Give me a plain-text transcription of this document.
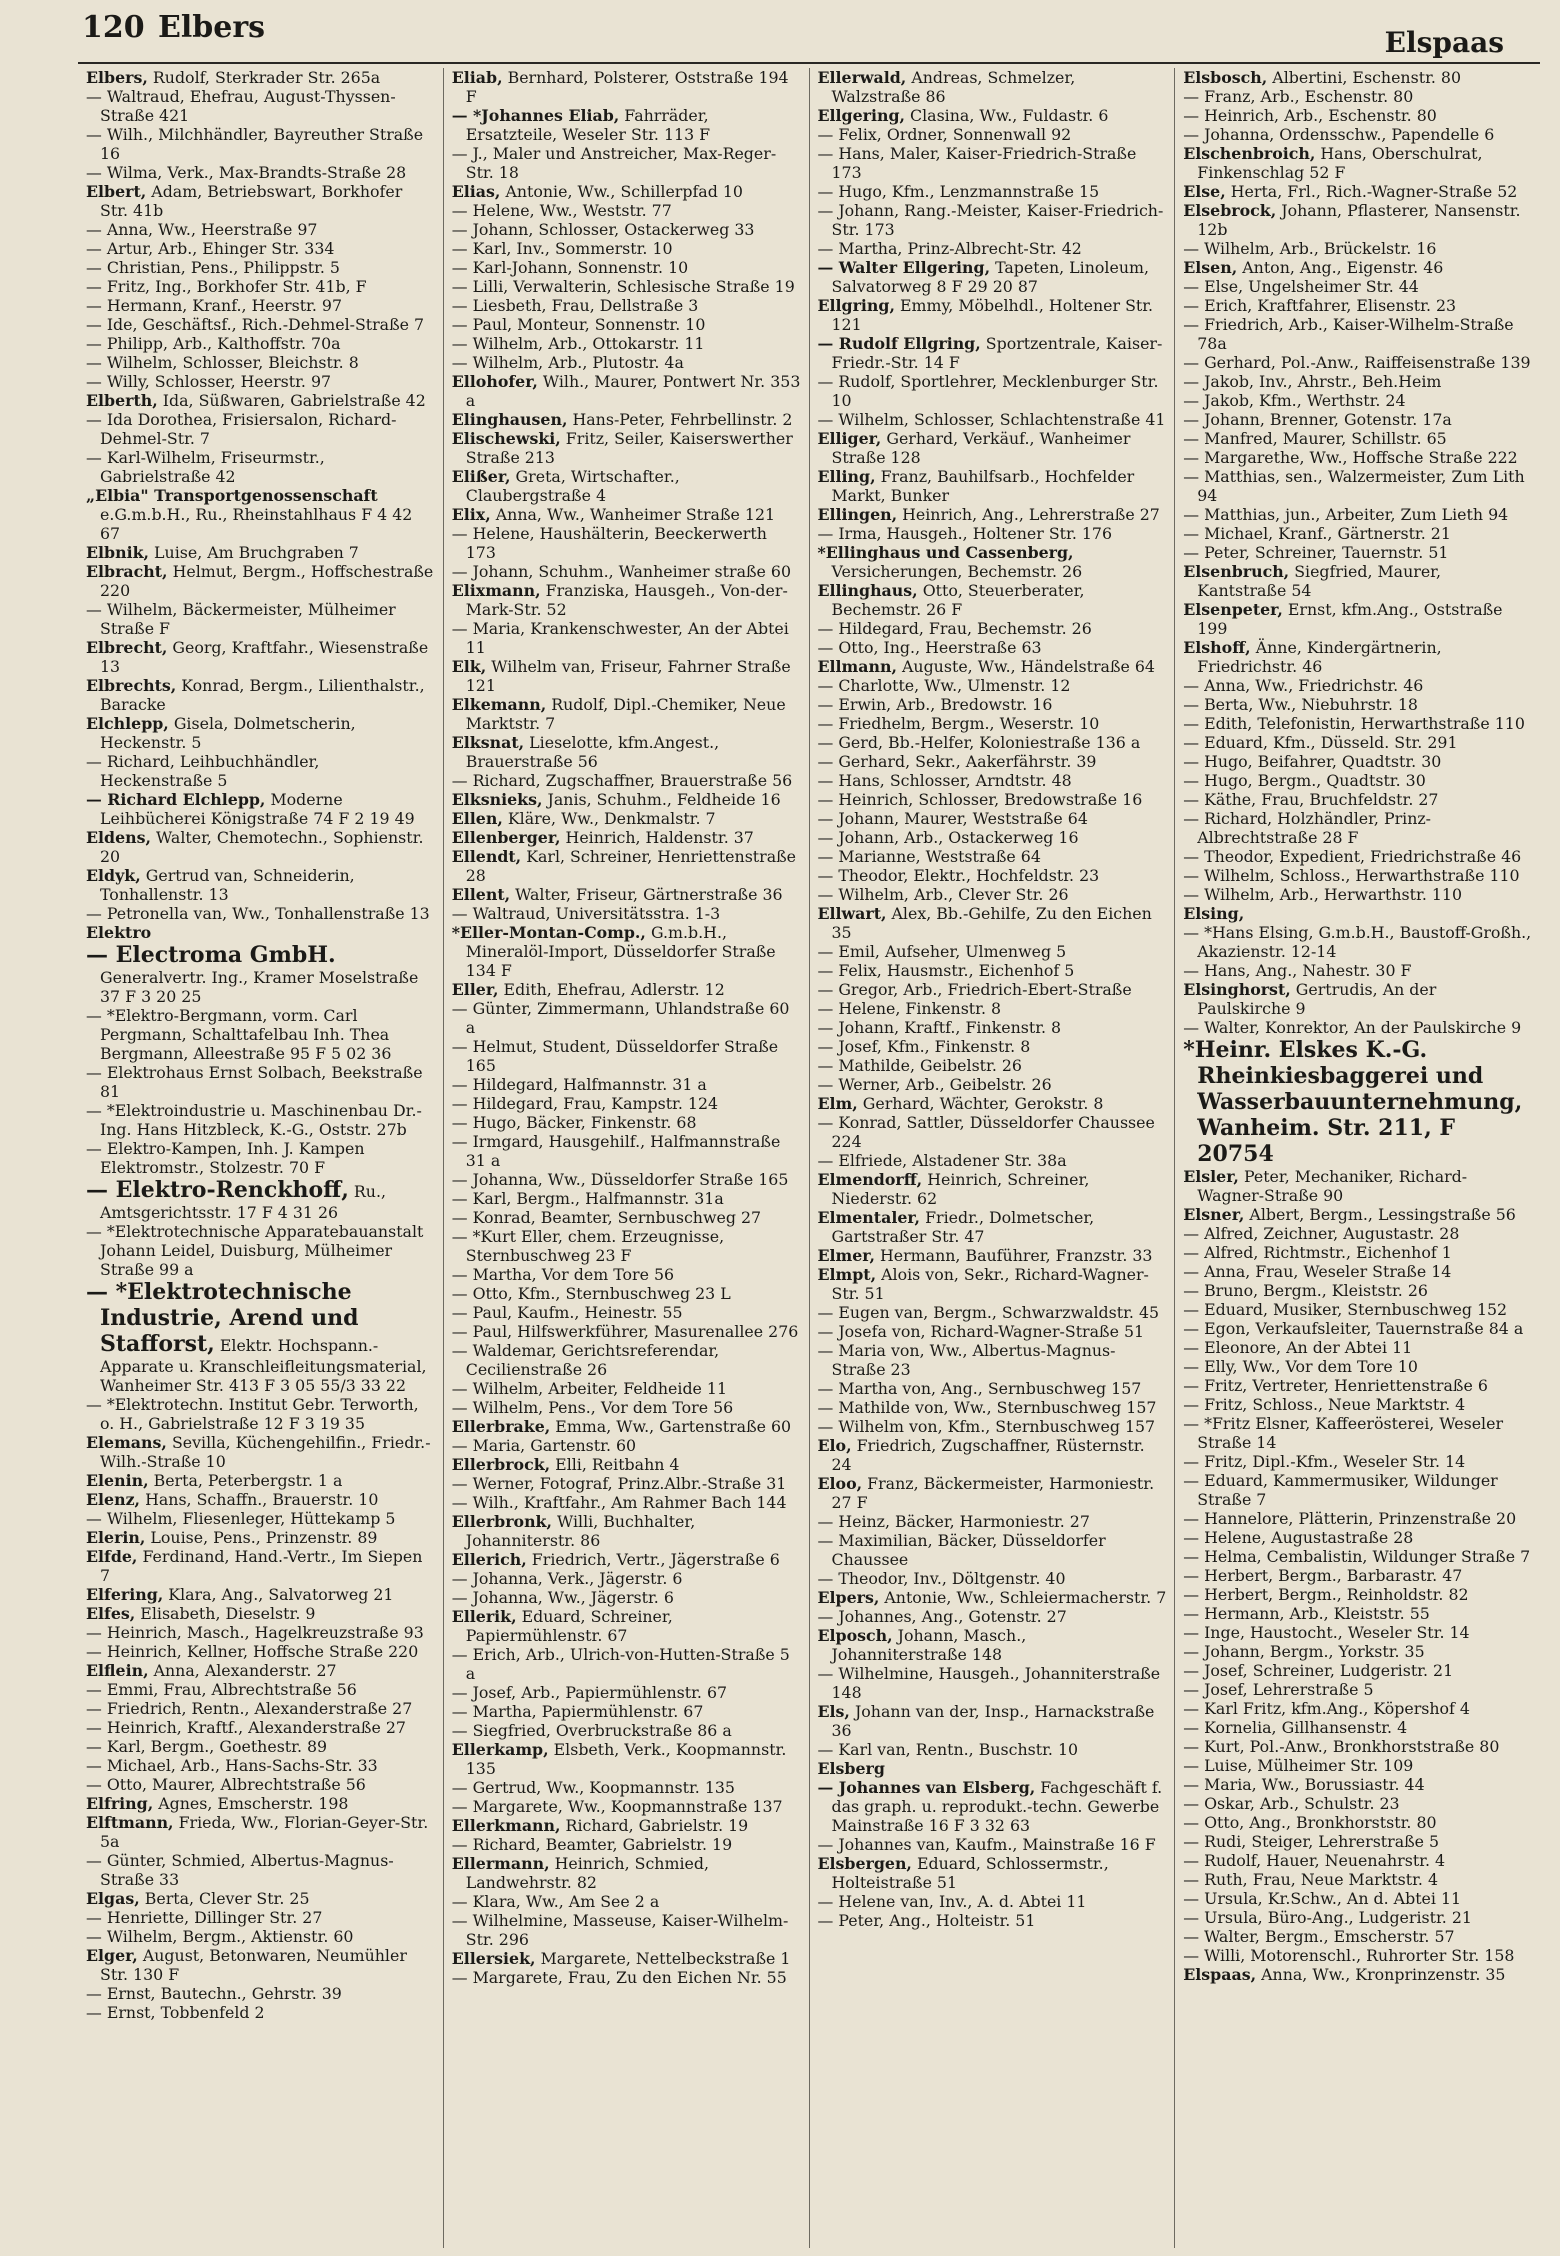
120 Elbers	Elspaas
Elbers, Rudolf, Sterkrader Str. 265a
— Waltraud, Ehefrau, August-Thyssen-Straße 421
— Wilh., Milchhändler, Bayreuther Straße 16
— Wilma, Verk., Max-Brandts-Straße 28
Elbert, Adam, Betriebswart, Borkhofer Str. 41b
— Anna, Ww., Heerstraße 97
— Artur, Arb., Ehinger Str. 334
— Christian, Pens., Philippstr. 5
— Fritz, Ing., Borkhofer Str. 41b, F
— Hermann, Kranf., Heerstr. 97
— Ide, Geschäftsf., Rich.-Dehmel-Straße 7
— Philipp, Arb., Kalthoffstr. 70a
— Wilhelm, Schlosser, Bleichstr. 8
— Willy, Schlosser, Heerstr. 97
Elberth, Ida, Süßwaren, Gabrielstraße 42
— Ida Dorothea, Frisiersalon, Richard-Dehmel-Str. 7
— Karl-Wilhelm, Friseurmstr., Gabrielstraße 42
„Elbia" Transportgenossenschaft e.G.m.b.H., Ru., Rheinstahlhaus F 4 42 67
Elbnik, Luise, Am Bruchgraben 7
Elbracht, Helmut, Bergm., Hoffschestraße 220
— Wilhelm, Bäckermeister, Mülheimer Straße F
Elbrecht, Georg, Kraftfahr., Wiesenstraße 13
Elbrechts, Konrad, Bergm., Lilienthalstr., Baracke
Elchlepp, Gisela, Dolmetscherin, Heckenstr. 5
— Richard, Leihbuchhändler, Heckenstraße 5
— Richard Elchlepp, Moderne Leihbücherei Königstraße 74 F 2 19 49
Eldens, Walter, Chemotechn., Sophienstr. 20
Eldyk, Gertrud van, Schneiderin, Tonhallenstr. 13
— Petronella van, Ww., Tonhallenstraße 13
Elektro
— Electroma GmbH. Generalvertr. Ing., Kramer Moselstraße 37 F 3 20 25
— *Elektro-Bergmann, vorm. Carl Pergmann, Schalttafelbau Inh. Thea Bergmann, Alleestraße 95 F 5 02 36
— Elektrohaus Ernst Solbach, Beekstraße 81
— *Elektroindustrie u. Maschinenbau Dr.-Ing. Hans Hitzbleck, K.-G., Oststr. 27b
— Elektro-Kampen, Inh. J. Kampen Elektromstr., Stolzestr. 70 F
— Elektro-Renckhoff, Ru., Amtsgerichtsstr. 17 F 4 31 26
— *Elektrotechnische Apparatebauanstalt Johann Leidel, Duisburg, Mülheimer Straße 99 a
— *Elektrotechnische Industrie, Arend und Stafforst, Elektr. Hochspann.-Apparate u. Kranschleifleitungsmaterial, Wanheimer Str. 413 F 3 05 55/3 33 22
— *Elektrotechn. Institut Gebr. Terworth, o. H., Gabrielstraße 12 F 3 19 35
Elemans, Sevilla, Küchengehilfin., Friedr.-Wilh.-Straße 10
Elenin, Berta, Peterbergstr. 1 a
Elenz, Hans, Schaffn., Brauerstr. 10
— Wilhelm, Fliesenleger, Hüttekamp 5
Elerin, Louise, Pens., Prinzenstr. 89
Elfde, Ferdinand, Hand.-Vertr., Im Siepen 7
Elfering, Klara, Ang., Salvatorweg 21
Elfes, Elisabeth, Dieselstr. 9
— Heinrich, Masch., Hagelkreuzstraße 93
— Heinrich, Kellner, Hoffsche Straße 220
Elflein, Anna, Alexanderstr. 27
— Emmi, Frau, Albrechtstraße 56
— Friedrich, Rentn., Alexanderstraße 27
— Heinrich, Kraftf., Alexanderstraße 27
— Karl, Bergm., Goethestr. 89
— Michael, Arb., Hans-Sachs-Str. 33
— Otto, Maurer, Albrechtstraße 56
Elfring, Agnes, Emscherstr. 198
Elftmann, Frieda, Ww., Florian-Geyer-Str. 5a
— Günter, Schmied, Albertus-Magnus-Straße 33
Elgas, Berta, Clever Str. 25
— Henriette, Dillinger Str. 27
— Wilhelm, Bergm., Aktienstr. 60
Elger, August, Betonwaren, Neumühler Str. 130 F
— Ernst, Bautechn., Gehrstr. 39
— Ernst, Tobbenfeld 2
Eliab, Bernhard, Polsterer, Oststraße 194 F
— *Johannes Eliab, Fahrräder, Ersatzteile, Weseler Str. 113 F
— J., Maler und Anstreicher, Max-Reger-Str. 18
Elias, Antonie, Ww., Schillerpfad 10
— Helene, Ww., Weststr. 77
— Johann, Schlosser, Ostackerweg 33
— Karl, Inv., Sommerstr. 10
— Karl-Johann, Sonnenstr. 10
— Lilli, Verwalterin, Schlesische Straße 19
— Liesbeth, Frau, Dellstraße 3
— Paul, Monteur, Sonnenstr. 10
— Wilhelm, Arb., Ottokarstr. 11
— Wilhelm, Arb., Plutostr. 4a
Ellohofer, Wilh., Maurer, Pontwert Nr. 353 a
Elinghausen, Hans-Peter, Fehrbellinstr. 2
Elischewski, Fritz, Seiler, Kaiserswerther Straße 213
Elißer, Greta, Wirtschafter., Claubergstraße 4
Elix, Anna, Ww., Wanheimer Straße 121
— Helene, Haushälterin, Beeckerwerth 173
— Johann, Schuhm., Wanheimer straße 60
Elixmann, Franziska, Hausgeh., Von-der-Mark-Str. 52
— Maria, Krankenschwester, An der Abtei 11
Elk, Wilhelm van, Friseur, Fahrner Straße 121
Elkemann, Rudolf, Dipl.-Chemiker, Neue Marktstr. 7
Elksnat, Lieselotte, kfm.Angest., Brauerstraße 56
— Richard, Zugschaffner, Brauerstraße 56
Elksnieks, Janis, Schuhm., Feldheide 16
Ellen, Kläre, Ww., Denkmalstr. 7
Ellenberger, Heinrich, Haldenstr. 37
Ellendt, Karl, Schreiner, Henriettenstraße 28
Ellent, Walter, Friseur, Gärtnerstraße 36
— Waltraud, Universitätsstra. 1-3
*Eller-Montan-Comp., G.m.b.H., Mineralöl-Import, Düsseldorfer Straße 134 F
Eller, Edith, Ehefrau, Adlerstr. 12
— Günter, Zimmermann, Uhlandstraße 60 a
— Helmut, Student, Düsseldorfer Straße 165
— Hildegard, Halfmannstr. 31 a
— Hildegard, Frau, Kampstr. 124
— Hugo, Bäcker, Finkenstr. 68
— Irmgard, Hausgehilf., Halfmannstraße 31 a
— Johanna, Ww., Düsseldorfer Straße 165
— Karl, Bergm., Halfmannstr. 31a
— Konrad, Beamter, Sernbuschweg 27
— *Kurt Eller, chem. Erzeugnisse, Sternbuschweg 23 F
— Martha, Vor dem Tore 56
— Otto, Kfm., Sternbuschweg 23 L
— Paul, Kaufm., Heinestr. 55
— Paul, Hilfswerkführer, Masurenallee 276
— Waldemar, Gerichtsreferendar, Cecilienstraße 26
— Wilhelm, Arbeiter, Feldheide 11
— Wilhelm, Pens., Vor dem Tore 56
Ellerbrake, Emma, Ww., Gartenstraße 60
— Maria, Gartenstr. 60
Ellerbrock, Elli, Reitbahn 4
— Werner, Fotograf, Prinz.Albr.-Straße 31
— Wilh., Kraftfahr., Am Rahmer Bach 144
Ellerbronk, Willi, Buchhalter, Johanniterstr. 86
Ellerich, Friedrich, Vertr., Jägerstraße 6
— Johanna, Verk., Jägerstr. 6
— Johanna, Ww., Jägerstr. 6
Ellerik, Eduard, Schreiner, Papiermühlenstr. 67
— Erich, Arb., Ulrich-von-Hutten-Straße 5 a
— Josef, Arb., Papiermühlenstr. 67
— Martha, Papiermühlenstr. 67
— Siegfried, Overbruckstraße 86 a
Ellerkamp, Elsbeth, Verk., Koopmannstr. 135
— Gertrud, Ww., Koopmannstr. 135
— Margarete, Ww., Koopmannstraße 137
Ellerkmann, Richard, Gabrielstr. 19
— Richard, Beamter, Gabrielstr. 19
Ellermann, Heinrich, Schmied, Landwehrstr. 82
— Klara, Ww., Am See 2 a
— Wilhelmine, Masseuse, Kaiser-Wilhelm-Str. 296
Ellersiek, Margarete, Nettelbeckstraße 1
— Margarete, Frau, Zu den Eichen Nr. 55
Ellerwald, Andreas, Schmelzer, Walzstraße 86
Ellgering, Clasina, Ww., Fuldastr. 6
— Felix, Ordner, Sonnenwall 92
— Hans, Maler, Kaiser-Friedrich-Straße 173
— Hugo, Kfm., Lenzmannstraße 15
— Johann, Rang.-Meister, Kaiser-Friedrich-Str. 173
— Martha, Prinz-Albrecht-Str. 42
— Walter Ellgering, Tapeten, Linoleum, Salvatorweg 8 F 29 20 87
Ellgring, Emmy, Möbelhdl., Holtener Str. 121
— Rudolf Ellgring, Sportzentrale, Kaiser-Friedr.-Str. 14 F
— Rudolf, Sportlehrer, Mecklenburger Str. 10
— Wilhelm, Schlosser, Schlachtenstraße 41
Elliger, Gerhard, Verkäuf., Wanheimer Straße 128
Elling, Franz, Bauhilfsarb., Hochfelder Markt, Bunker
Ellingen, Heinrich, Ang., Lehrerstraße 27
— Irma, Hausgeh., Holtener Str. 176
*Ellinghaus und Cassenberg, Versicherungen, Bechemstr. 26
Ellinghaus, Otto, Steuerberater, Bechemstr. 26 F
— Hildegard, Frau, Bechemstr. 26
— Otto, Ing., Heerstraße 63
Ellmann, Auguste, Ww., Händelstraße 64
— Charlotte, Ww., Ulmenstr. 12
— Erwin, Arb., Bredowstr. 16
— Friedhelm, Bergm., Weserstr. 10
— Gerd, Bb.-Helfer, Koloniestraße 136 a
— Gerhard, Sekr., Aakerfährstr. 39
— Hans, Schlosser, Arndtstr. 48
— Heinrich, Schlosser, Bredowstraße 16
— Johann, Maurer, Weststraße 64
— Johann, Arb., Ostackerweg 16
— Marianne, Weststraße 64
— Theodor, Elektr., Hochfeldstr. 23
— Wilhelm, Arb., Clever Str. 26
Ellwart, Alex, Bb.-Gehilfe, Zu den Eichen 35
— Emil, Aufseher, Ulmenweg 5
— Felix, Hausmstr., Eichenhof 5
— Gregor, Arb., Friedrich-Ebert-Straße
— Helene, Finkenstr. 8
— Johann, Kraftf., Finkenstr. 8
— Josef, Kfm., Finkenstr. 8
— Mathilde, Geibelstr. 26
— Werner, Arb., Geibelstr. 26
Elm, Gerhard, Wächter, Gerokstr. 8
— Konrad, Sattler, Düsseldorfer Chaussee 224
— Elfriede, Alstadener Str. 38a
Elmendorff, Heinrich, Schreiner, Niederstr. 62
Elmentaler, Friedr., Dolmetscher, Gartstraßer Str. 47
Elmer, Hermann, Bauführer, Franzstr. 33
Elmpt, Alois von, Sekr., Richard-Wagner-Str. 51
— Eugen van, Bergm., Schwarzwaldstr. 45
— Josefa von, Richard-Wagner-Straße 51
— Maria von, Ww., Albertus-Magnus-Straße 23
— Martha von, Ang., Sernbuschweg 157
— Mathilde von, Ww., Sternbuschweg 157
— Wilhelm von, Kfm., Sternbuschweg 157
Elo, Friedrich, Zugschaffner, Rüsternstr. 24
Eloo, Franz, Bäckermeister, Harmoniestr. 27 F
— Heinz, Bäcker, Harmoniestr. 27
— Maximilian, Bäcker, Düsseldorfer Chaussee
— Theodor, Inv., Döltgenstr. 40
Elpers, Antonie, Ww., Schleiermacherstr. 7
— Johannes, Ang., Gotenstr. 27
Elposch, Johann, Masch., Johanniterstraße 148
— Wilhelmine, Hausgeh., Johanniterstraße 148
Els, Johann van der, Insp., Harnackstraße 36
— Karl van, Rentn., Buschstr. 10
Elsberg
— Johannes van Elsberg, Fachgeschäft f. das graph. u. reprodukt.-techn. Gewerbe Mainstraße 16 F 3 32 63
— Johannes van, Kaufm., Mainstraße 16 F
Elsbergen, Eduard, Schlossermstr., Holteistraße 51
— Helene van, Inv., A. d. Abtei 11
— Peter, Ang., Holteistr. 51
Elsbosch, Albertini, Eschenstr. 80
— Franz, Arb., Eschenstr. 80
— Heinrich, Arb., Eschenstr. 80
— Johanna, Ordensschw., Papendelle 6
Elschenbroich, Hans, Oberschulrat, Finkenschlag 52 F
Else, Herta, Frl., Rich.-Wagner-Straße 52
Elsebrock, Johann, Pflasterer, Nansenstr. 12b
— Wilhelm, Arb., Brückelstr. 16
Elsen, Anton, Ang., Eigenstr. 46
— Else, Ungelsheimer Str. 44
— Erich, Kraftfahrer, Elisenstr. 23
— Friedrich, Arb., Kaiser-Wilhelm-Straße 78a
— Gerhard, Pol.-Anw., Raiffeisenstraße 139
— Jakob, Inv., Ahrstr., Beh.Heim
— Jakob, Kfm., Werthstr. 24
— Johann, Brenner, Gotenstr. 17a
— Manfred, Maurer, Schillstr. 65
— Margarethe, Ww., Hoffsche Straße 222
— Matthias, sen., Walzermeister, Zum Lith 94
— Matthias, jun., Arbeiter, Zum Lieth 94
— Michael, Kranf., Gärtnerstr. 21
— Peter, Schreiner, Tauernstr. 51
Elsenbruch, Siegfried, Maurer, Kantstraße 54
Elsenpeter, Ernst, kfm.Ang., Oststraße 199
Elshoff, Änne, Kindergärtnerin, Friedrichstr. 46
— Anna, Ww., Friedrichstr. 46
— Berta, Ww., Niebuhrstr. 18
— Edith, Telefonistin, Herwarthstraße 110
— Eduard, Kfm., Düsseld. Str. 291
— Hugo, Beifahrer, Quadtstr. 30
— Hugo, Bergm., Quadtstr. 30
— Käthe, Frau, Bruchfeldstr. 27
— Richard, Holzhändler, Prinz-Albrechtstraße 28 F
— Theodor, Expedient, Friedrichstraße 46
— Wilhelm, Schloss., Herwarthstraße 110
— Wilhelm, Arb., Herwarthstr. 110
Elsing,
— *Hans Elsing, G.m.b.H., Baustoff-Großh., Akazienstr. 12-14
— Hans, Ang., Nahestr. 30 F
Elsinghorst, Gertrudis, An der Paulskirche 9
— Walter, Konrektor, An der Paulskirche 9
*Heinr. Elskes K.-G. Rheinkiesbaggerei und Wasserbauunternehmung, Wanheim. Str. 211, F 20754
Elsler, Peter, Mechaniker, Richard-Wagner-Straße 90
Elsner, Albert, Bergm., Lessingstraße 56
— Alfred, Zeichner, Augustastr. 28
— Alfred, Richtmstr., Eichenhof 1
— Anna, Frau, Weseler Straße 14
— Bruno, Bergm., Kleiststr. 26
— Eduard, Musiker, Sternbuschweg 152
— Egon, Verkaufsleiter, Tauernstraße 84 a
— Eleonore, An der Abtei 11
— Elly, Ww., Vor dem Tore 10
— Fritz, Vertreter, Henriettenstraße 6
— Fritz, Schloss., Neue Marktstr. 4
— *Fritz Elsner, Kaffeerösterei, Weseler Straße 14
— Fritz, Dipl.-Kfm., Weseler Str. 14
— Eduard, Kammermusiker, Wildunger Straße 7
— Hannelore, Plätterin, Prinzenstraße 20
— Helene, Augustastraße 28
— Helma, Cembalistin, Wildunger Straße 7
— Herbert, Bergm., Barbarastr. 47
— Herbert, Bergm., Reinholdstr. 82
— Hermann, Arb., Kleiststr. 55
— Inge, Haustocht., Weseler Str. 14
— Johann, Bergm., Yorkstr. 35
— Josef, Schreiner, Ludgeristr. 21
— Josef, Lehrerstraße 5
— Karl Fritz, kfm.Ang., Köpershof 4
— Kornelia, Gillhansenstr. 4
— Kurt, Pol.-Anw., Bronkhorststraße 80
— Luise, Mülheimer Str. 109
— Maria, Ww., Borussiastr. 44
— Oskar, Arb., Schulstr. 23
— Otto, Ang., Bronkhorststr. 80
— Rudi, Steiger, Lehrerstraße 5
— Rudolf, Hauer, Neuenahrstr. 4
— Ruth, Frau, Neue Marktstr. 4
— Ursula, Kr.Schw., An d. Abtei 11
— Ursula, Büro-Ang., Ludgeristr. 21
— Walter, Bergm., Emscherstr. 57
— Willi, Motorenschl., Ruhrorter Str. 158
Elspaas, Anna, Ww., Kronprinzenstr. 35
